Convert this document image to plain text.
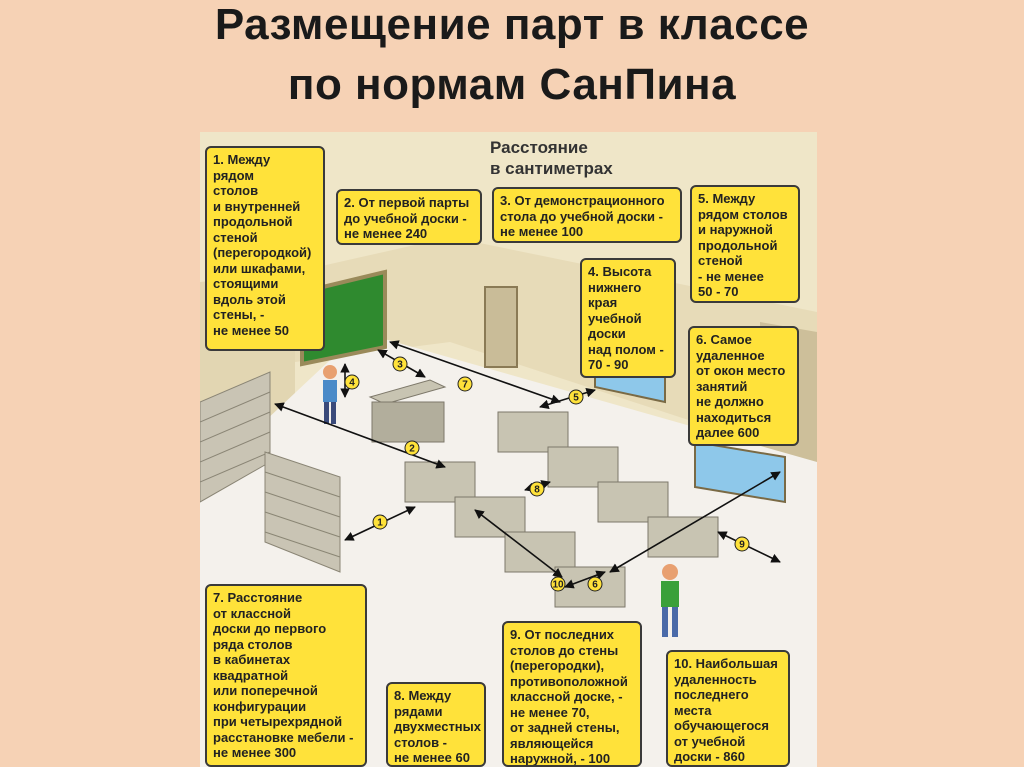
Размещение парт в классе
по нормам СанПина
1
2
3
4
5
6
7
8
9
10
Расстояние
в сантиметрах
1. Между
рядом
столов
и внутренней
продольной
стеной
(перегородкой)
или шкафами,
стоящими
вдоль этой
стены, -
не менее 50
2. От первой парты
до учебной доски -
не менее 240
3. От демонстрационного
стола до учебной доски -
не менее 100
4. Высота
нижнего
края
учебной
доски
над полом -
70 - 90
5. Между
рядом столов
и наружной
продольной
стеной
- не менее
50 - 70
6. Самое
удаленное
от окон место
занятий
не должно
находиться
далее 600
7. Расстояние
от классной
доски до первого
ряда столов
в кабинетах
квадратной
или поперечной
конфигурации
при четырехрядной
расстановке мебели -
не менее 300
8. Между
рядами
двухместных
столов -
не менее 60
9. От последних
столов до стены
(перегородки),
противоположной
классной доске, -
не менее 70,
от задней стены,
являющейся
наружной, - 100
10. Наибольшая
удаленность
последнего
места
обучающегося
от учебной
доски - 860
